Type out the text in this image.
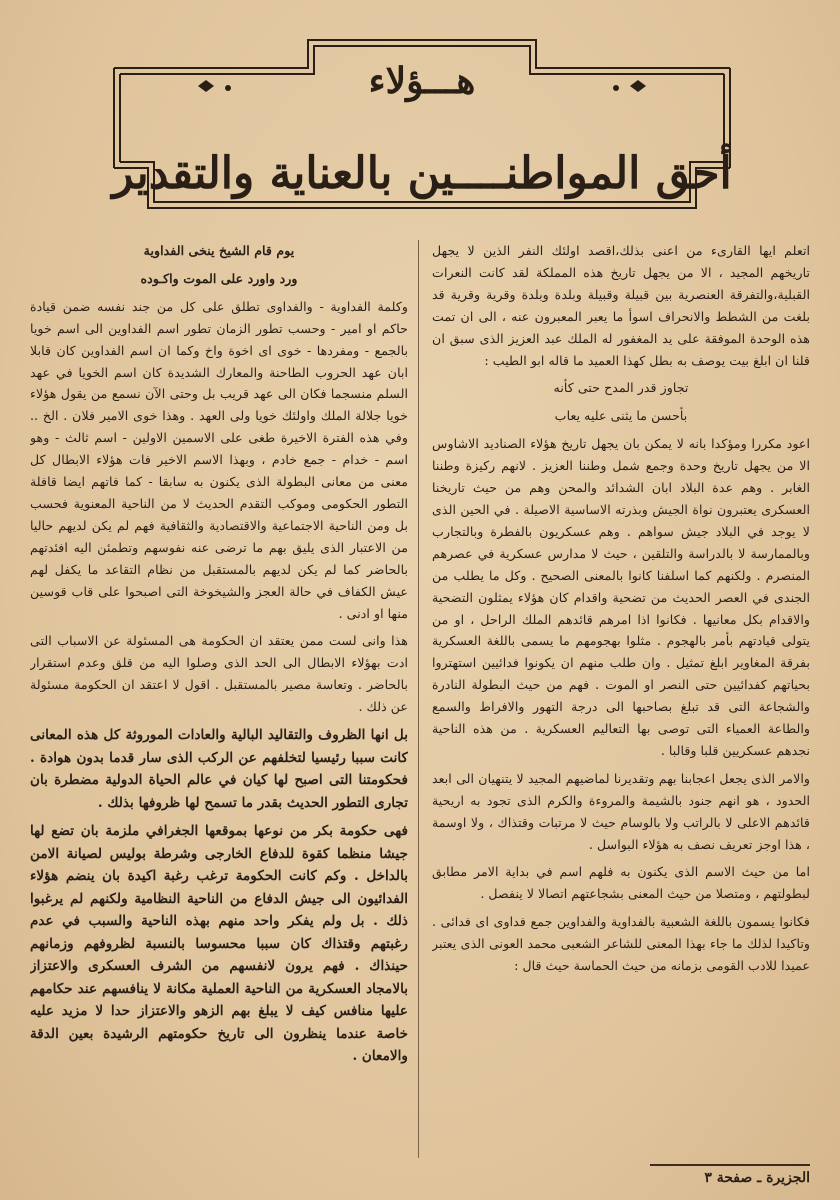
هـــؤلاء
أحق المواطنــــين بالعناية والتقدير

اتعلم ايها القارىء من اعنى بذلك،اقصد اولئك النفر الذين لا يجهل تاريخهم المجيد ، الا من يجهل تاريخ هذه المملكة لقد كانت النعرات القبلية،والتفرقة العنصرية بين قبيلة وقبيلة وبلدة وبلدة وقرية وقرية قد بلغت من الشطط والانحراف اسوأ ما يعبر المعبرون عنه ، الى ان تمت هذه الوحدة الموفقة على يد المغفور له الملك عبد العزيز الذى سبق ان قلنا ان ابلغ بيت يوصف به بطل كهذا العميد ما قاله ابو الطيب :

تجاوز قدر المدح حتى كأنه

بأحسن ما يثنى عليه يعاب

اعود مكررا ومؤكدا بانه لا يمكن بان يجهل تاريخ هؤلاء الصناديد الاشاوس الا من يجهل تاريخ وحدة وجمع شمل وطننا العزيز . لانهم ركيزة وطننا الغابر . وهم عدة البلاد ابان الشدائد والمحن وهم من حيث تاريخنا العسكرى يعتبرون نواة الجيش وبذرته الاساسية الاصيلة . في الحين الذى لا يوجد في البلاد جيش سواهم . وهم عسكريون بالفطرة وبالتجارب وبالممارسة لا بالدراسة والتلقين ، حيث لا مدارس عسكرية في عصرهم المنصرم . ولكنهم كما اسلفنا كانوا بالمعنى الصحيح . وكل ما يطلب من الجندى في العصر الحديث من تضحية واقدام كان هؤلاء يمثلون التضحية والاقدام بكل معانيها . فكانوا اذا امرهم قائدهم الملك الراحل ، او من يتولى قيادتهم بأمر بالهجوم . مثلوا بهجومهم ما يسمى باللغة العسكرية بفرقة المغاوير ابلغ تمثيل . وان طلب منهم ان يكونوا فدائيين استهتروا بحياتهم كفدائيين حتى النصر او الموت . فهم من حيث البطولة النادرة والشجاعة التى قد تبلغ بصاحبها الى درجة التهور والافراط والسمع والطاعة العمياء التى توصى بها التعاليم العسكرية . من هذه الناحية نجدهم عسكريين قلبا وقالبا .

والامر الذى يجعل اعجابنا بهم وتقديرنا لماضيهم المجيد لا يتنهيان الى ابعد الحدود ، هو انهم جنود بالشيمة والمروءة والكرم الذى تجود به اريحية قائدهم الاعلى لا بالراتب ولا بالوسام حيث لا مرتبات وقتذاك ، ولا اوسمة ، هذا اوجز تعريف نصف به هؤلاء البواسل .

اما من حيث الاسم الذى يكنون به فلهم اسم في بداية الامر مطابق لبطولتهم ، ومتصلا من حيث المعنى بشجاعتهم اتصالا لا ينفصل .

فكانوا يسمون باللغة الشعبية بالفداوية والفداوين جمع فداوى اى فدائى . وتاكيدا لذلك ما جاء بهذا المعنى للشاعر الشعبى محمد العونى الذى يعتبر عميدا للادب القومى بزمانه من حيث الحماسة حيث قال :

يوم قام الشيخ ينخى الفداوية

ورد واورد على الموت واكـوده

وكلمة الفداوية - والفداوى تطلق على كل من جند نفسه ضمن قيادة حاكم او امير - وحسب تطور الزمان تطور اسم الفداوين الى اسم خويا بالجمع - ومفردها - خوى اى اخوة واخ وكما ان اسم الفداوين كان قابلا ابان عهد الحروب الطاحنة والمعارك الشديدة كان اسم الخويا في عهد السلم منسجما فكان الى عهد قريب بل وحتى الآن نسمع من يقول هؤلاء خويا جلالة الملك واولئك خويا ولى العهد . وهذا خوى الامير فلان . الخ .. وفي هذه الفترة الاخيرة طغى على الاسمين الاولين - اسم ثالث - وهو اسم - خدام - جمع خادم ، وبهذا الاسم الاخير فات هؤلاء الابطال كل معنى من معانى البطولة الذى يكنون به سابقا - كما فاتهم ايضا قافلة التطور الحكومى وموكب التقدم الحديث لا من الناحية المعنوية فحسب بل ومن الناحية الاجتماعية والاقتصادية والثقافية فهم لم يكن لديهم حاليا من الاعتبار الذى يليق بهم ما ترضى عنه نفوسهم وتطمئن اليه افئدتهم بالحاضر كما لم يكن لديهم بالمستقبل من نظام التقاعد ما يكفل لهم عيش الكفاف في حالة العجز والشيخوخة التى اصبحوا على قاب قوسين منها او ادنى .

هذا وانى لست ممن يعتقد ان الحكومة هى المسئولة عن الاسباب التى ادت بهؤلاء الابطال الى الحد الذى وصلوا اليه من قلق وعدم استقرار بالحاضر . وتعاسة مصير بالمستقبل . اقول لا اعتقد ان الحكومة مسئولة عن ذلك .

بل انها الظروف والتقاليد البالية والعادات الموروثة كل هذه المعانى كانت سببا رئيسيا لتخلفهم عن الركب الذى سار قدما بدون هوادة . فحكومتنا التى اصبح لها كيان في عالم الحياة الدولية مضطرة بان تجارى التطور الحديث بقدر ما تسمح لها ظروفها بذلك .

فهى حكومة بكر من نوعها بموقعها الجغرافي ملزمة بان تضع لها جيشا منظما كقوة للدفاع الخارجى وشرطة بوليس لصيانة الامن بالداخل . وكم كانت الحكومة ترغب رغبة اكيدة بان ينضم هؤلاء الفدائيون الى جيش الدفاع من الناحية النظامية ولكنهم لم يرغبوا ذلك . بل ولم يفكر واحد منهم بهذه الناحية والسبب في عدم رغبتهم وقتذاك كان سببا محسوسا بالنسبة لظروفهم وزمانهم حينذاك . فهم يرون لانفسهم من الشرف العسكرى والاعتزاز بالامجاد العسكرية من الناحية العملية مكانة لا ينافسهم عند حكامهم عليها منافس كيف لا يبلغ بهم الزهو والاعتزاز حدا لا مزيد عليه خاصة عندما ينظرون الى تاريخ حكومتهم الرشيدة بعين الدقة والامعان .

الجزيرة ـ صفحة ٣
